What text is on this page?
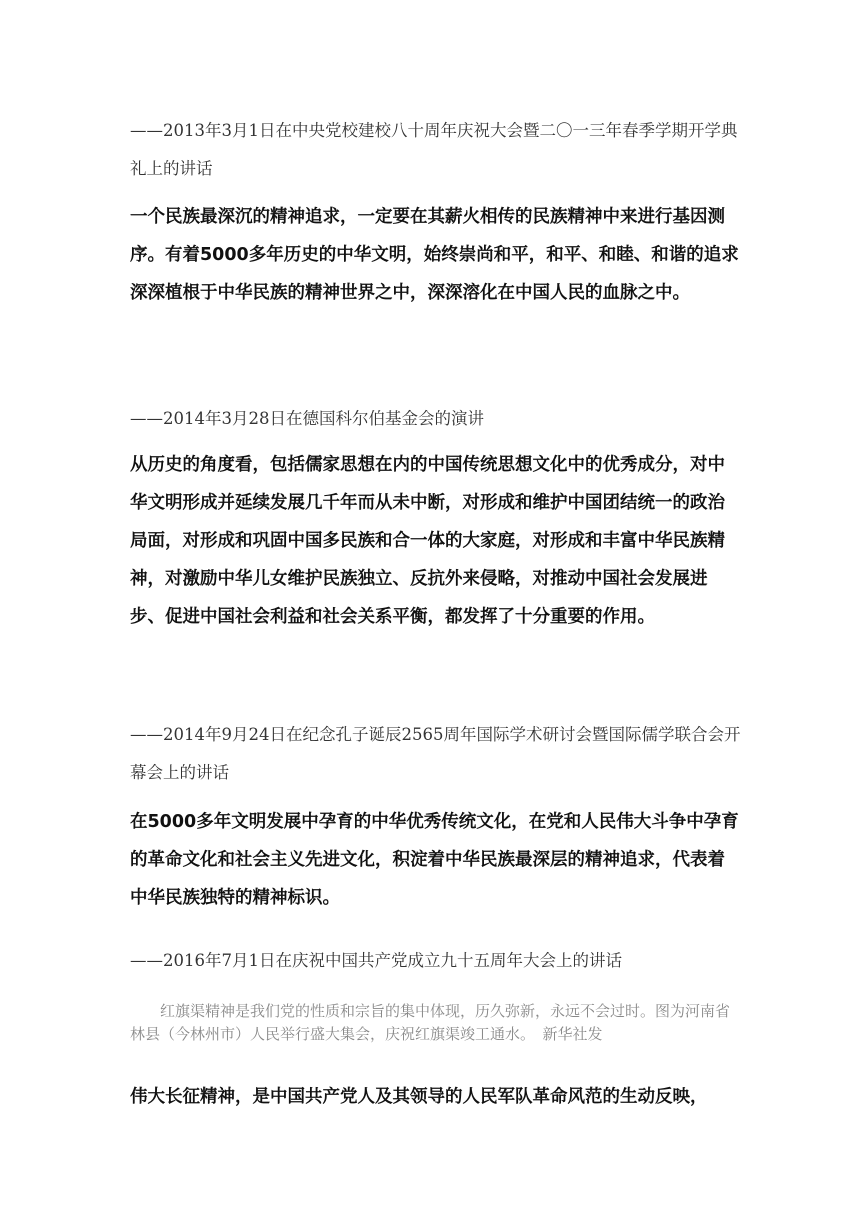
——2013年3月1日在中央党校建校八十周年庆祝大会暨二〇一三年春季学期开学典礼上的讲话

一个民族最深沉的精神追求，一定要在其薪火相传的民族精神中来进行基因测序。有着5000多年历史的中华文明，始终崇尚和平，和平、和睦、和谐的追求深深植根于中华民族的精神世界之中，深深溶化在中国人民的血脉之中。

——2014年3月28日在德国科尔伯基金会的演讲

从历史的角度看，包括儒家思想在内的中国传统思想文化中的优秀成分，对中华文明形成并延续发展几千年而从未中断，对形成和维护中国团结统一的政治局面，对形成和巩固中国多民族和合一体的大家庭，对形成和丰富中华民族精神，对激励中华儿女维护民族独立、反抗外来侵略，对推动中国社会发展进步、促进中国社会利益和社会关系平衡，都发挥了十分重要的作用。

——2014年9月24日在纪念孔子诞辰2565周年国际学术研讨会暨国际儒学联合会开幕会上的讲话

在5000多年文明发展中孕育的中华优秀传统文化，在党和人民伟大斗争中孕育的革命文化和社会主义先进文化，积淀着中华民族最深层的精神追求，代表着中华民族独特的精神标识。

——2016年7月1日在庆祝中国共产党成立九十五周年大会上的讲话

红旗渠精神是我们党的性质和宗旨的集中体现，历久弥新，永远不会过时。图为河南省林县（今林州市）人民举行盛大集会，庆祝红旗渠竣工通水。　新华社发

伟大长征精神，是中国共产党人及其领导的人民军队革命风范的生动反映，
